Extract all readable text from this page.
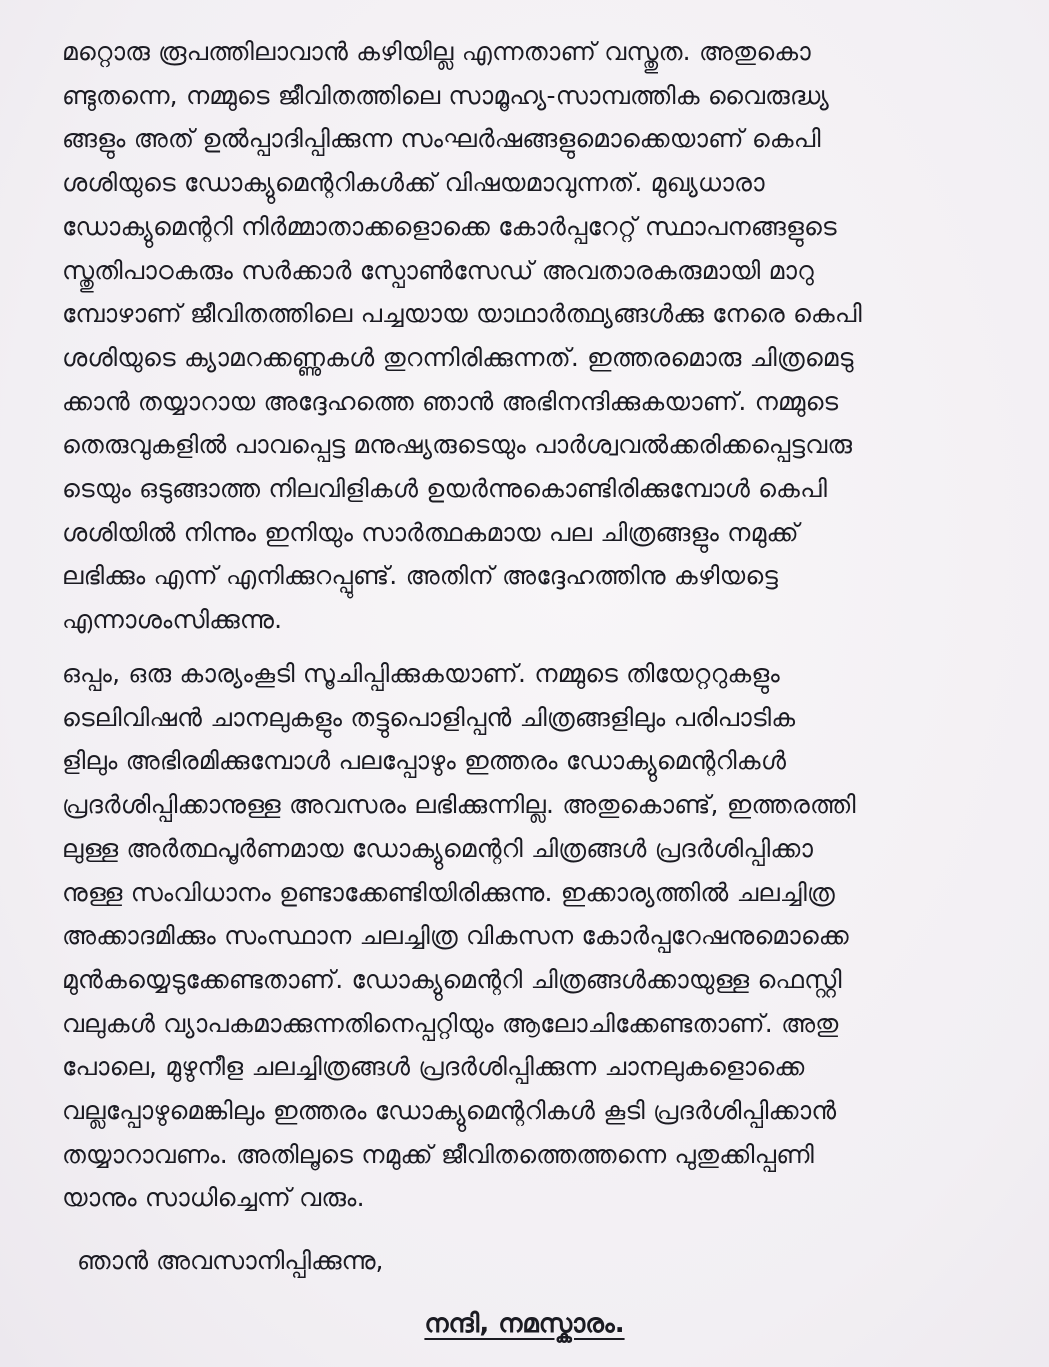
മറ്റൊരു രൂപത്തിലാവാൻ കഴിയില്ല എന്നതാണ് വസ്തുത. അതുകൊ
ണ്ടുതന്നെ, നമ്മുടെ ജീവിതത്തിലെ സാമൂഹ്യ-സാമ്പത്തിക വൈരുദ്ധ്യ
ങ്ങളും അത് ഉൽപ്പാദിപ്പിക്കുന്ന സംഘർഷങ്ങളുമൊക്കെയാണ് കെപി
ശശിയുടെ ഡോക്യുമെന്ററികൾക്ക് വിഷയമാവുന്നത്. മുഖ്യധാരാ
ഡോക്യുമെന്ററി നിർമ്മാതാക്കളൊക്കെ കോർപ്പറേറ്റ് സ്ഥാപനങ്ങളുടെ
സ്തുതിപാഠകരും സർക്കാർ സ്പോൺസേഡ് അവതാരകരുമായി മാറു
മ്പോഴാണ് ജീവിതത്തിലെ പച്ചയായ യാഥാർത്ഥ്യങ്ങൾക്കു നേരെ കെപി
ശശിയുടെ ക്യാമറക്കണ്ണുകൾ തുറന്നിരിക്കുന്നത്. ഇത്തരമൊരു ചിത്രമെടു
ക്കാൻ തയ്യാറായ അദ്ദേഹത്തെ ഞാൻ അഭിനന്ദിക്കുകയാണ്. നമ്മുടെ
തെരുവുകളിൽ പാവപ്പെട്ട മനുഷ്യരുടെയും പാർശ്വവൽക്കരിക്കപ്പെട്ടവരു
ടെയും ഒടുങ്ങാത്ത നിലവിളികൾ ഉയർന്നുകൊണ്ടിരിക്കുമ്പോൾ കെപി
ശശിയിൽ നിന്നും ഇനിയും സാർത്ഥകമായ പല ചിത്രങ്ങളും നമുക്ക്
ലഭിക്കും എന്ന് എനിക്കുറപ്പുണ്ട്. അതിന് അദ്ദേഹത്തിനു കഴിയട്ടെ
എന്നാശംസിക്കുന്നു.
ഒപ്പം, ഒരു കാര്യംകൂടി സൂചിപ്പിക്കുകയാണ്. നമ്മുടെ തിയേറ്ററുകളും
ടെലിവിഷൻ ചാനലുകളും തട്ടുപൊളിപ്പൻ ചിത്രങ്ങളിലും പരിപാടിക
ളിലും അഭിരമിക്കുമ്പോൾ പലപ്പോഴും ഇത്തരം ഡോക്യുമെന്ററികൾ
പ്രദർശിപ്പിക്കാനുള്ള അവസരം ലഭിക്കുന്നില്ല. അതുകൊണ്ട്, ഇത്തരത്തി
ലുള്ള അർത്ഥപൂർണമായ ഡോക്യുമെന്ററി ചിത്രങ്ങൾ പ്രദർശിപ്പിക്കാ
നുള്ള സംവിധാനം ഉണ്ടാക്കേണ്ടിയിരിക്കുന്നു. ഇക്കാര്യത്തിൽ ചലച്ചിത്ര
അക്കാദമിക്കും സംസ്ഥാന ചലച്ചിത്ര വികസന കോർപ്പറേഷനുമൊക്കെ
മുൻകയ്യെടുക്കേണ്ടതാണ്. ഡോക്യുമെന്ററി ചിത്രങ്ങൾക്കായുള്ള ഫെസ്റ്റി
വലുകൾ വ്യാപകമാക്കുന്നതിനെപ്പറ്റിയും ആലോചിക്കേണ്ടതാണ്. അതു
പോലെ, മുഴുനീള ചലച്ചിത്രങ്ങൾ പ്രദർശിപ്പിക്കുന്ന ചാനലുകളൊക്കെ
വല്ലപ്പോഴുമെങ്കിലും ഇത്തരം ഡോക്യുമെന്ററികൾ കൂടി പ്രദർശിപ്പിക്കാൻ
തയ്യാറാവണം. അതിലൂടെ നമുക്ക് ജീവിതത്തെത്തന്നെ പുതുക്കിപ്പണി
യാനും സാധിച്ചെന്ന് വരും.
ഞാൻ അവസാനിപ്പിക്കുന്നു,
നന്ദി, നമസ്കാരം.
